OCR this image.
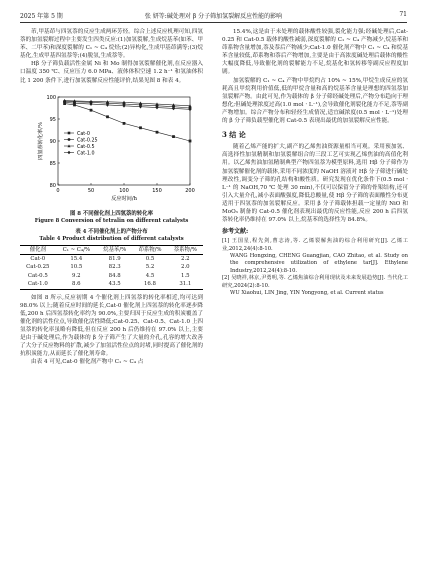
2025 年第 5 期	张 妍等:碱处理对 β 分子筛加氢裂解反应性能的影响	71

芾,甲基茚与四氢萘的反应生成两环芳烃。综合上述反应机理可知,四氢萘的加氢裂解过程中主要发生四类反应:(1)加氢裂解,生成烷基苯(如苯、甲苯、二甲苯)和深度裂解的 C₁ ~ C₄ 烷烃;(2)异构化,生成甲基茚满等;(3)烷基化,生成甲基四氢萘等;(4)脱氢,生成萘等。

Hβ 分子筛负载活性金属 Ni 和 Mo 制得加氢裂解催化剂,在反应器入口温度 350 ℃、反应压力 6.0 MPa、液体体积空速 1.2 h⁻¹ 和氢油体积比 1 200 条件下,进行加氢裂解反应性能评价,结果见图 8 和表 4。

0	50	100	150	200
80
85
90
95
100
反应时间/h
四氢萘转化率/%	Cat-0
Cat-0.25
Cat-0.5
Cat-1.0
图 8 不同催化剂上四氢萘的转化率
Figure 8 Conversion of tetralin on different catalysts
表 4 不同催化剂上的产物分布
Table 4 Product distribution of different catalysts
催化剂	C₁ ~ C₄/%	烷基苯/%	茚系物/%	萘系物/%
Cat-0	15.4	81.9	0.5	2.2
Cat-0.25	10.5	82.3	5.2	2.0
Cat-0.5	9.2	84.8	4.5	1.5
Cat-1.0	8.6	43.5	16.8	31.1

如图 8 所示,反应初期 4 个催化剂上四氢萘的转化率相近,均可达到 98.0% 以上;随着反应时间的延长,Cat-0 催化剂上四氢萘的转化率逐步降低,200 h 后四氢萘转化率约为 90.0%,主要归因于反应生成的积炭覆盖了催化剂的活性位点,导致催化活性降低;Cat-0.25、Cat-0.5、Cat-1.0 上四氢萘的转化率虽略有降低,但在反应 200 h 后仍维持在 97.0% 以上,主要是由于碱处理后,作为载体的 β 分子筛产生了大量的介孔,孔容的增大改善了大分子反应物料的扩散,减少了加氢活性位点的封堵,同时提高了催化剂的抗积炭能力,从而延长了催化剂寿命。

由表 4 可见,Cat-0 催化剂产物中 C₁ ~ C₄ 占

15.4%,这是由于未处理的载体酸性较强,裂化能力强;经碱处理后,Cat-0.25 和 Cat-0.5 载体的酸性减弱,深度裂解的 C₁ ~ C₄ 产物减少,烷基苯和茚系物含量增加,萘及萘后产物减少;Cat-1.0 催化剂产物中 C₁ ~ C₄ 和烷基苯含量较低,茚系物和萘后产物增加,主要是由于高浓度碱处理后载体的酸性大幅度降低,导致催化剂的裂解能力不足,烷基化和氢转移等副反应程度加剧。

加氢裂解的 C₁ ~ C₄ 产物中甲烷约占 10% ~ 15%,甲烷生成反应的氢耗高且甲烷利用价值低,低的甲烷含量和高的烷基苯含量是理想的四氢萘加氢裂解产物。由此可见,作为载体的 β 分子筛经碱处理后,产物分布趋向于理想化;但碱处理浓度过高(1.0 mol · L⁻¹),会导致催化剂裂化能力不足,萘等副产物增加。综合产物分布和轻烃生成情况,适宜碱浓度(0.5 mol · L⁻¹)处理的 β 分子筛负载型催化剂 Cat-0.5 表现出最优的加氢裂解反应性能。

3 结 论

随着乙烯产能的扩大,副产的乙烯焦油资源量相当可观。采用预加氢、高选择性加氢精制和加氢裂解组合的三段工艺可实现乙烯焦油的高值化利用。以乙烯焦油加氢精制典型产物四氢萘为模型原料,选用 Hβ 分子筛作为加氢裂解催化剂的载体,采用不同浓度的 NaOH 溶液对 Hβ 分子筛进行碱处理改性,调变分子筛的孔结构和酸性质。研究发现在优化条件下(0.5 mol · L⁻¹ 的 NaOH,70 ℃ 处理 30 min),不仅可以保留分子筛的骨架结构,还可引入大量介孔,减小表面酸强度,降低总酸量,使 Hβ 分子筛的表面酸性分布更适用于四氢萘的加氢裂解反应。采用 β 分子筛载体担载一定量的 NiO 和 MoO₃ 制备的 Cat-0.5 催化剂表现出最优的反应性能,反应 200 h 后四氢萘转化率仍维持在 97.0% 以上,烷基苯的选择性为 84.8%。

参考文献:
[1] 王国星,程先剑,曹志涛,等. 乙烯裂解焦油的综合利用研究[J]. 乙烯工业,2012,24(4):8-10.
WANG Hongxing, CHENG Guangjian, CAO Zhitao, et al. Study on the comprehensive utilization of ethylene tar[J]. Ethylene Industry,2012,24(4):8-10.
[2] 吴晓祥,林京,尹勇明,等. 乙烯焦油综合利用现状及未来发展趋势[J]. 当代化工研究,2024(2):8-10.
WU Xiaohui, LIN Jing, YIN Yongyong, et al. Current status
